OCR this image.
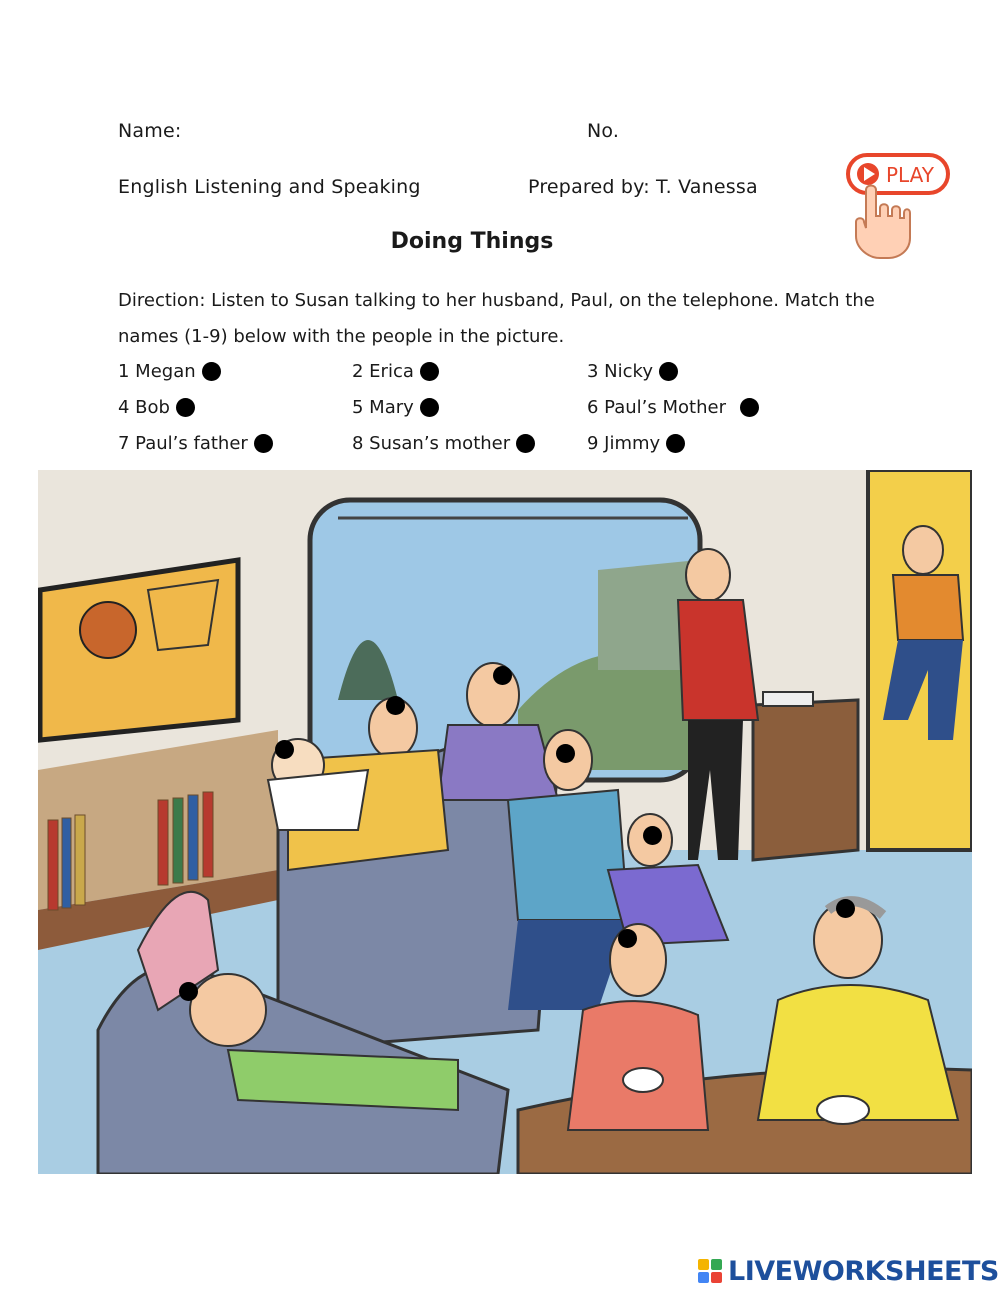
Name:	No.
English Listening and Speaking	Prepared by: T. Vanessa	PLAY
Doing Things
Direction: Listen to Susan talking to her husband, Paul, on the telephone. Match the names (1-9) below with the people in the picture.
1 Megan	2 Erica	3 Nicky
4 Bob	5 Mary	6 Paul’s Mother
7 Paul’s father	8 Susan’s mother	9 Jimmy
LIVEWORKSHEETS
